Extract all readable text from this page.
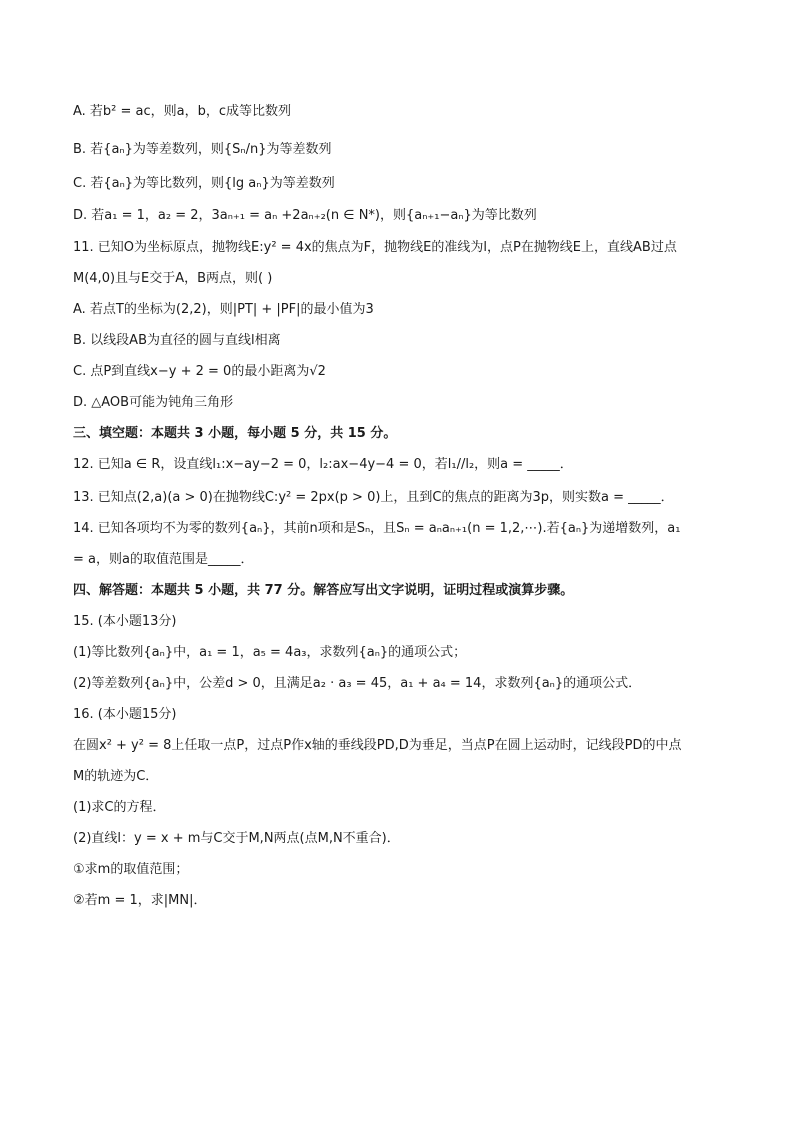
A. 若b² = ac，则a，b，c成等比数列
B. 若{aₙ}为等差数列，则{Sₙ/n}为等差数列
C. 若{aₙ}为等比数列，则{lg aₙ}为等差数列
D. 若a₁ = 1，a₂ = 2，3aₙ₊₁ = aₙ +2aₙ₊₂(n ∈ N*)，则{aₙ₊₁−aₙ}为等比数列
11. 已知O为坐标原点，抛物线E:y² = 4x的焦点为F，抛物线E的准线为l，点P在抛物线E上，直线AB过点
M(4,0)且与E交于A，B两点，则( )
A. 若点T的坐标为(2,2)，则|PT| + |PF|的最小值为3
B. 以线段AB为直径的圆与直线l相离
C. 点P到直线x−y + 2 = 0的最小距离为√2
D. △AOB可能为钝角三角形
三、填空题：本题共 3 小题，每小题 5 分，共 15 分。
12. 已知a ∈ R，设直线l₁:x−ay−2 = 0，l₂:ax−4y−4 = 0，若l₁//l₂，则a = _____．
13. 已知点(2,a)(a > 0)在抛物线C:y² = 2px(p > 0)上，且到C的焦点的距离为3p，则实数a = _____．
14. 已知各项均不为零的数列{aₙ}，其前n项和是Sₙ，且Sₙ = aₙaₙ₊₁(n = 1,2,⋯).若{aₙ}为递增数列，a₁
= a，则a的取值范围是_____．
四、解答题：本题共 5 小题，共 77 分。解答应写出文字说明，证明过程或演算步骤。
15. (本小题13分)
(1)等比数列{aₙ}中，a₁ = 1，a₅ = 4a₃，求数列{aₙ}的通项公式；
(2)等差数列{aₙ}中，公差d > 0，且满足a₂ · a₃ = 45，a₁ + a₄ = 14，求数列{aₙ}的通项公式．
16. (本小题15分)
在圆x² + y² = 8上任取一点P，过点P作x轴的垂线段PD,D为垂足，当点P在圆上运动时，记线段PD的中点
M的轨迹为C．
(1)求C的方程．
(2)直线l：y = x + m与C交于M,N两点(点M,N不重合)．
①求m的取值范围；
②若m = 1，求|MN|．
